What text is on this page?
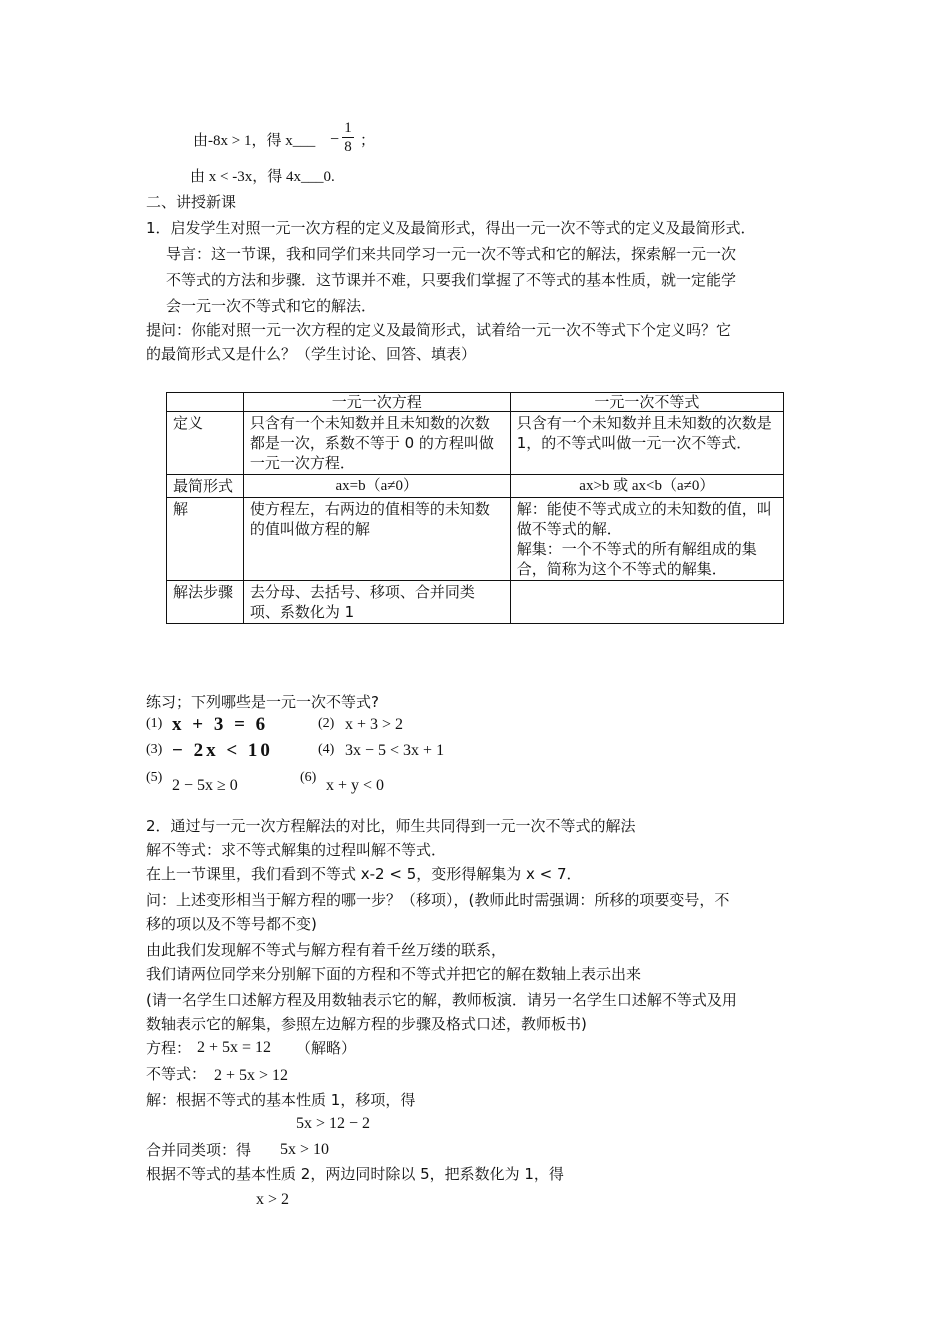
由-8x > 1，得 x___ −
1
8 ；
由 x < -3x，得 4x___0.
二、讲授新课
1．启发学生对照一元一次方程的定义及最简形式，得出一元一次不等式的定义及最简形式．
导言：这一节课，我和同学们来共同学习一元一次不等式和它的解法，探索解一元一次
不等式的方法和步骤．这节课并不难，只要我们掌握了不等式的基本性质，就一定能学
会一元一次不等式和它的解法．
提问：你能对照一元一次方程的定义及最简形式，试着给一元一次不等式下个定义吗？它
的最简形式又是什么？（学生讨论、回答、填表）
	一元一次方程	一元一次不等式
定义	只含有一个未知数并且未知数的次数都是一次，系数不等于 0 的方程叫做一元一次方程．	只含有一个未知数并且未知数的次数是 1，的不等式叫做一元一次不等式．
最简形式	ax=b（a≠0）	ax>b 或 ax<b（a≠0）
解	使方程左，右两边的值相等的未知数的值叫做方程的解	解：能使不等式成立的未知数的值，叫做不等式的解．
解集：一个不等式的所有解组成的集合，简称为这个不等式的解集．

解法步骤	去分母、去括号、移项、合并同类项、系数化为 1	
练习；下列哪些是一元一次不等式?
(1) x + 3 = 6	(2) x + 3 > 2
(3) − 2x < 10	(4) 3x − 5 < 3x + 1
(5) 2 − 5x ≥ 0	(6) x + y < 0
2．通过与一元一次方程解法的对比，师生共同得到一元一次不等式的解法
解不等式：求不等式解集的过程叫解不等式．
在上一节课里，我们看到不等式 x-2 < 5，变形得解集为 x < 7．
问：上述变形相当于解方程的哪一步？（移项），(教师此时需强调：所移的项要变号，不
移的项以及不等号都不变)
由此我们发现解不等式与解方程有着千丝万缕的联系，
我们请两位同学来分别解下面的方程和不等式并把它的解在数轴上表示出来
(请一名学生口述解方程及用数轴表示它的解，教师板演．请另一名学生口述解不等式及用
数轴表示它的解集，参照左边解方程的步骤及格式口述，教师板书)
方程： 2 + 5x = 12 （解略）
不等式： 2 + 5x > 12
解：根据不等式的基本性质 1，移项，得
5x > 12 − 2
合并同类项：得 5x > 10
根据不等式的基本性质 2，两边同时除以 5，把系数化为 1，得
x > 2
